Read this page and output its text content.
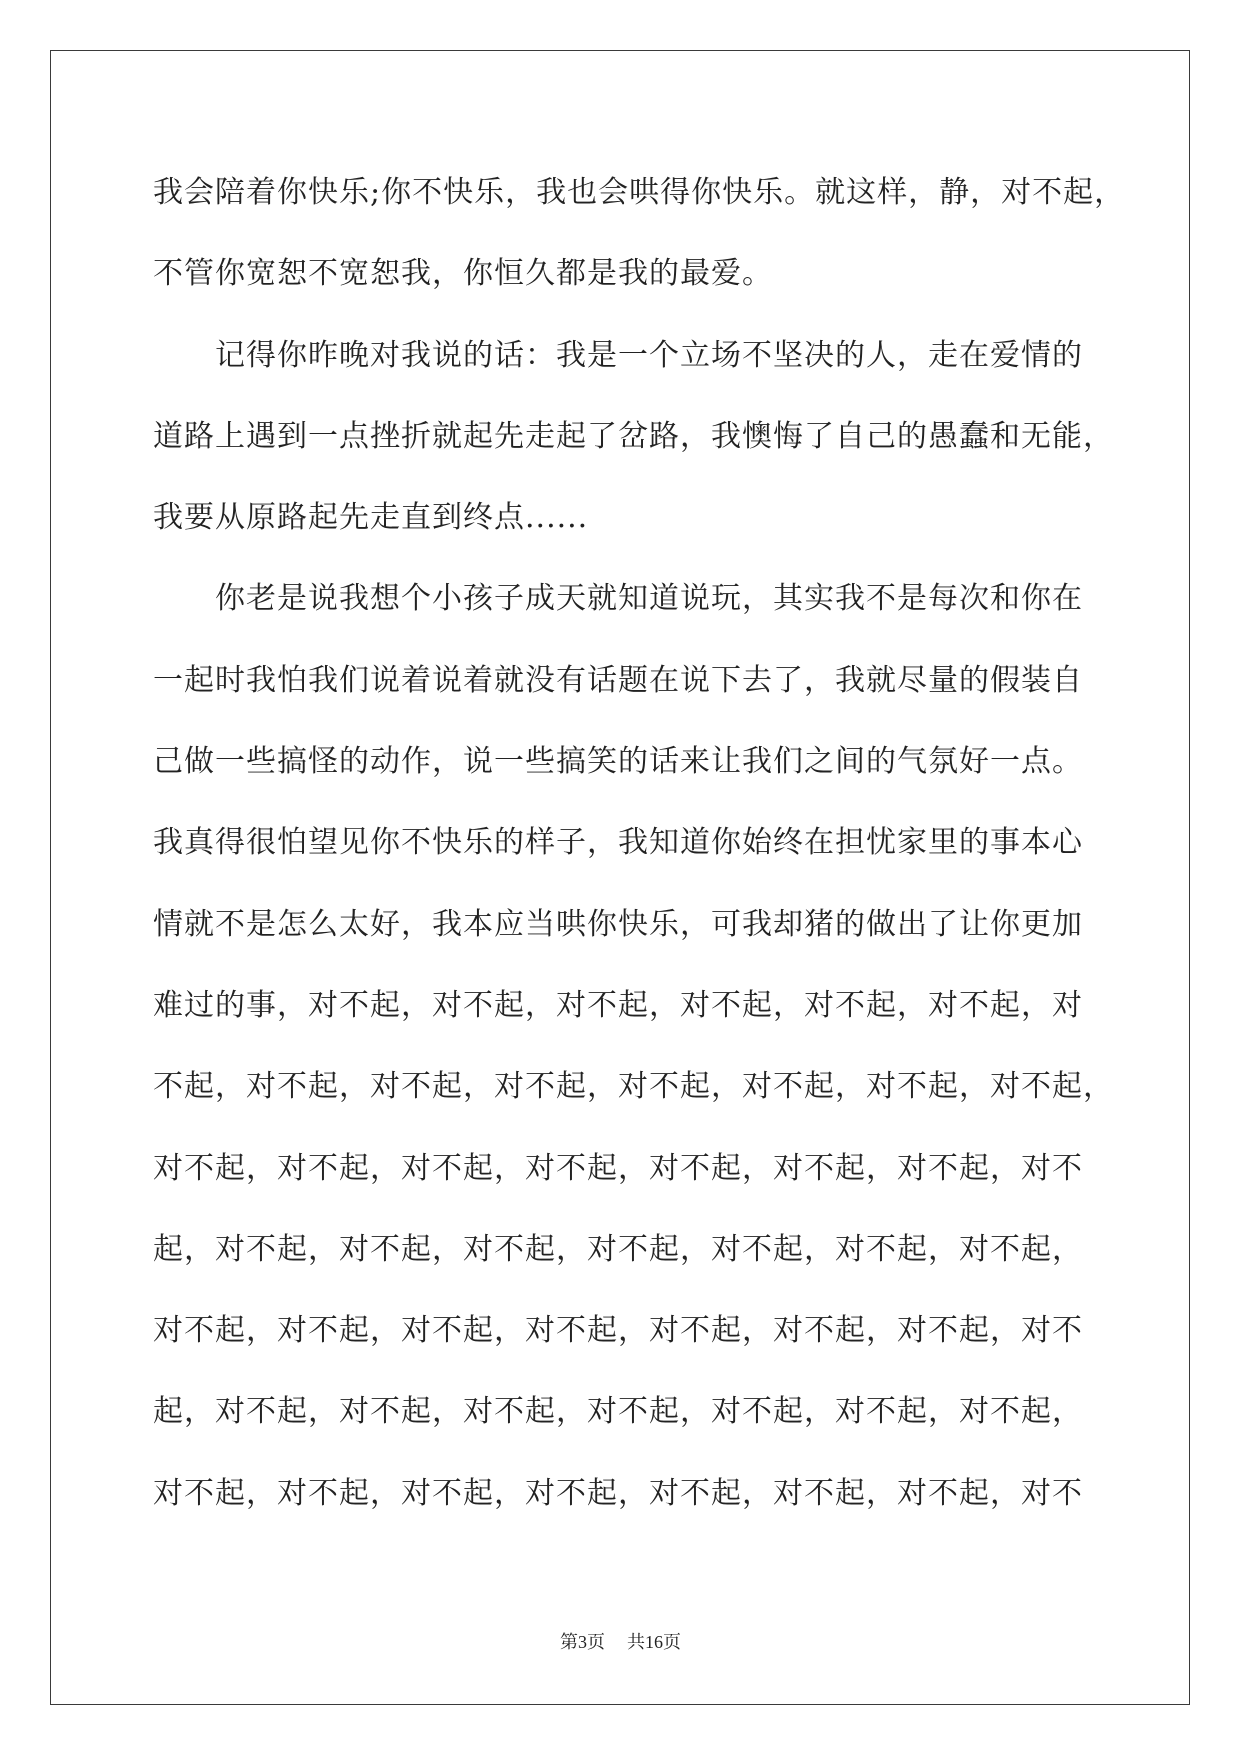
我会陪着你快乐;你不快乐，我也会哄得你快乐。就这样，静，对不起，
不管你宽恕不宽恕我，你恒久都是我的最爱。
记得你昨晚对我说的话：我是一个立场不坚决的人，走在爱情的
道路上遇到一点挫折就起先走起了岔路，我懊悔了自己的愚蠢和无能，
我要从原路起先走直到终点......
你老是说我想个小孩子成天就知道说玩，其实我不是每次和你在
一起时我怕我们说着说着就没有话题在说下去了，我就尽量的假装自
己做一些搞怪的动作，说一些搞笑的话来让我们之间的气氛好一点。
我真得很怕望见你不快乐的样子，我知道你始终在担忧家里的事本心
情就不是怎么太好，我本应当哄你快乐，可我却猪的做出了让你更加
难过的事，对不起，对不起，对不起，对不起，对不起，对不起，对
不起，对不起，对不起，对不起，对不起，对不起，对不起，对不起，
对不起，对不起，对不起，对不起，对不起，对不起，对不起，对不
起，对不起，对不起，对不起，对不起，对不起，对不起，对不起，
对不起，对不起，对不起，对不起，对不起，对不起，对不起，对不
起，对不起，对不起，对不起，对不起，对不起，对不起，对不起，
对不起，对不起，对不起，对不起，对不起，对不起，对不起，对不
第3页 共16页
